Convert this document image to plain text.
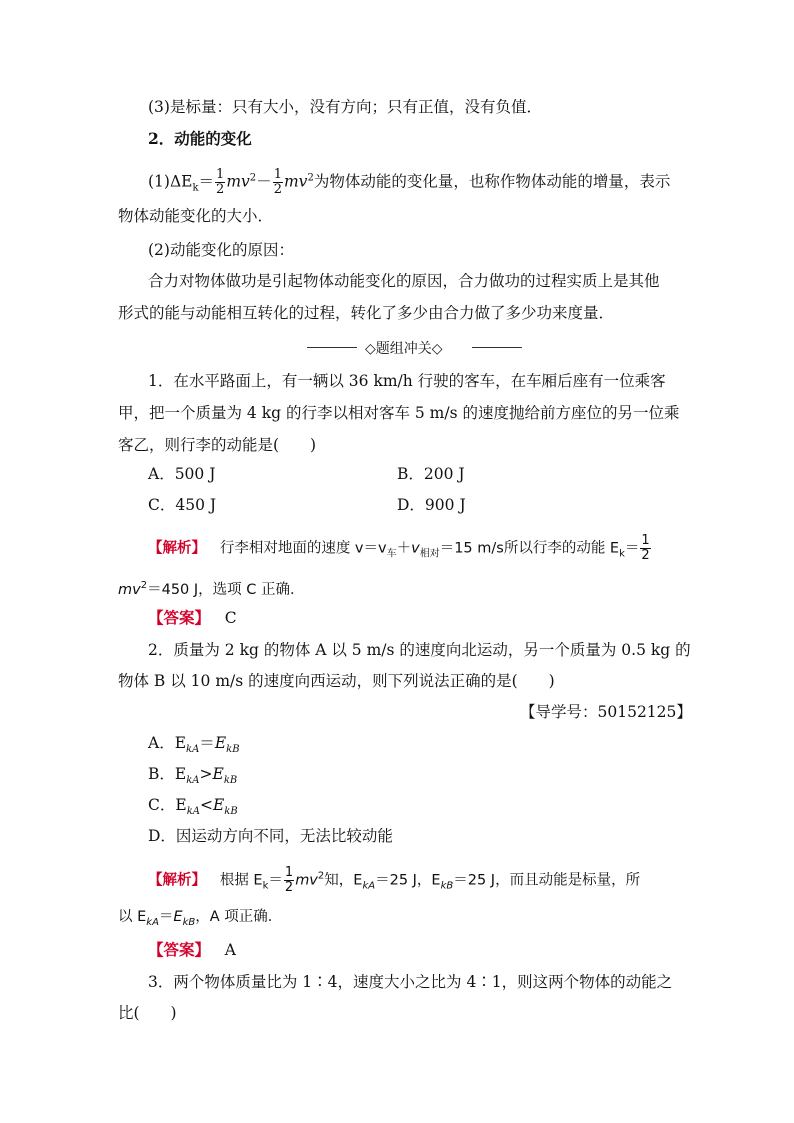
(3)是标量：只有大小，没有方向；只有正值，没有负值．
2．动能的变化
$(1)\Delta E_k= \frac{1}{2} mv^2- \frac{1}{2} mv^2$为物体动能的变化量，也称作物体动能的增量，表示
物体动能变化的大小．
(2)动能变化的原因：
合力对物体做功是引起物体动能变化的原因，合力做功的过程实质上是其他
形式的能与动能相互转化的过程，转化了多少由合力做了多少功来度量．
◇题组冲关◇
1．在水平路面上，有一辆以 36 km/h 行驶的客车，在车厢后座有一位乘客
甲，把一个质量为 4 kg 的行李以相对客车 5 m/s 的速度抛给前方座位的另一位乘
客乙，则行李的动能是(　　)
A．500 J	B．200 J
C．450 J	D．900 J
【解析】 行李相对地面的速度 $v=v_车+v_{相对}=15$ m/s所以行李的动能 $E_k= \frac{1}{2}$
$mv^2=450$ J，选项 C 正确．
【答案】 C
2．质量为 2 kg 的物体 A 以 5 m/s 的速度向北运动，另一个质量为 0.5 kg 的
物体 B 以 10 m/s 的速度向西运动，则下列说法正确的是(　　)
【导学号：50152125】
A．$E_{kA}=E_{kB}$
B．$E_{kA}>E_{kB}$
C．$E_{kA}<E_{kB}$
D．因运动方向不同，无法比较动能
【解析】 根据 $E_k= \frac{1}{2} mv^2$知，$E_{kA}=25$ J，$E_{kB}=25$ J，而且动能是标量，所
以 $E_{kA}=E_{kB}$，A 项正确．
【答案】 A
3．两个物体质量比为 1∶4，速度大小之比为 4∶1，则这两个物体的动能之
比(　　)
